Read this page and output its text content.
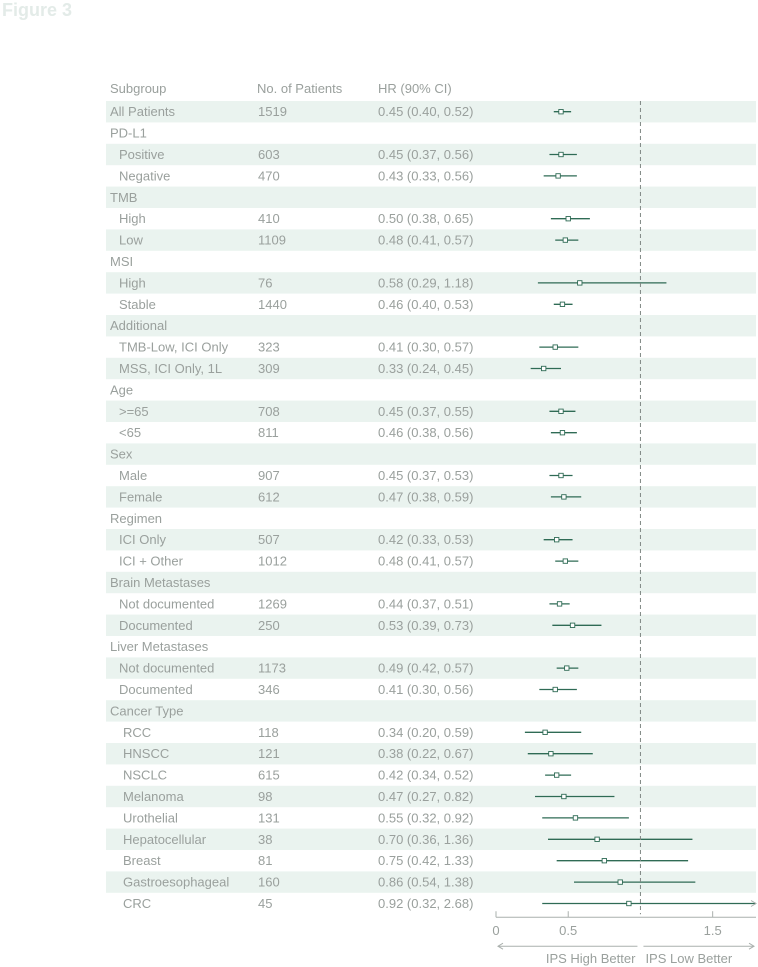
Figure 3
Subgroup	No. of Patients	HR (90% CI)
All Patients	1519	0.45 (0.40, 0.52)
PD-L1
Positive	603	0.45 (0.37, 0.56)
Negative	470	0.43 (0.33, 0.56)
TMB
High	410	0.50 (0.38, 0.65)
Low	1109	0.48 (0.41, 0.57)
MSI
High	76	0.58 (0.29, 1.18)
Stable	1440	0.46 (0.40, 0.53)
Additional
TMB-Low, ICI Only 323	0.41 (0.30, 0.57)
MSS, ICI Only, 1L	309	0.33 (0.24, 0.45)
Age
>=65	708	0.45 (0.37, 0.55)
<65	811	0.46 (0.38, 0.56)
Sex
Male	907	0.45 (0.37, 0.53)
Female	612	0.47 (0.38, 0.59)
Regimen
ICI Only	507	0.42 (0.33, 0.53)
ICI + Other	1012	0.48 (0.41, 0.57)
Brain Metastases
Not documented	1269	0.44 (0.37, 0.51)
Documented	250	0.53 (0.39, 0.73)
Liver Metastases
Not documented	1173	0.49 (0.42, 0.57)
Documented	346	0.41 (0.30, 0.56)
Cancer Type
RCC	118	0.34 (0.20, 0.59)
HNSCC	121	0.38 (0.22, 0.67)
NSCLC	615	0.42 (0.34, 0.52)
Melanoma	98	0.47 (0.27, 0.82)
Urothelial	131	0.55 (0.32, 0.92)
Hepatocellular	38	0.70 (0.36, 1.36)
Breast	81	0.75 (0.42, 1.33)
Gastroesophageal 160	0.86 (0.54, 1.38)
CRC	45	0.92 (0.32, 2.68)
0	0.5	1.5
IPS High Better IPS Low Better
